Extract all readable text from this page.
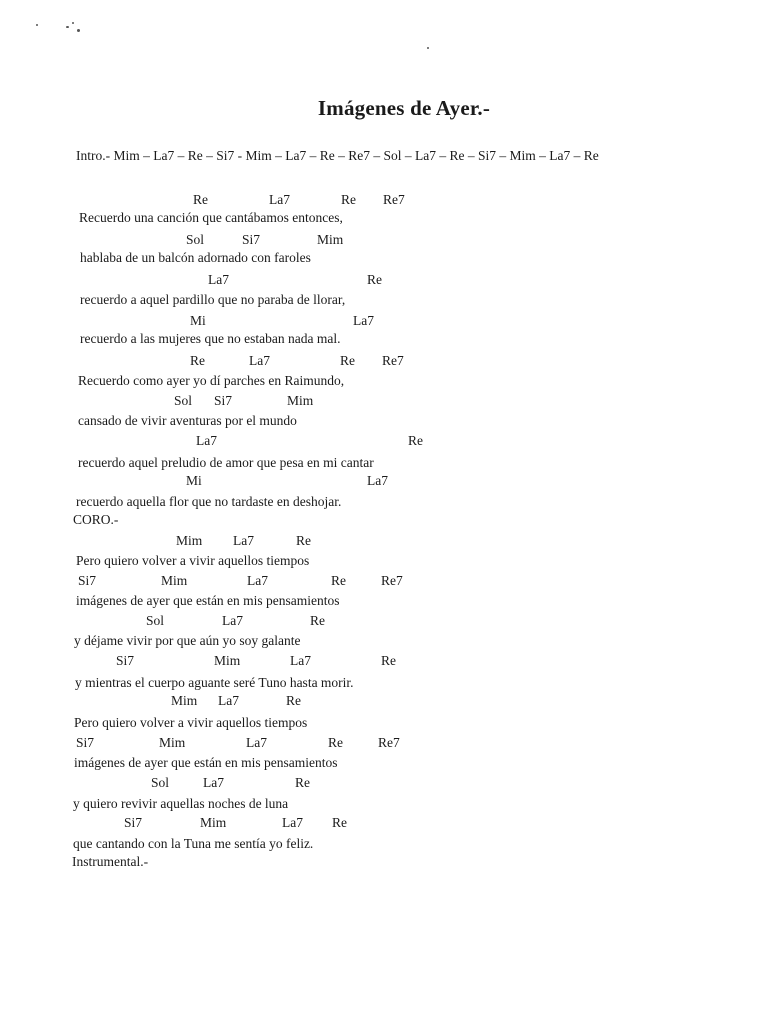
Imágenes de Ayer.-
Intro.- Mim – La7 – Re – Si7 - Mim – La7 – Re – Re7 – Sol – La7 – Re – Si7 – Mim – La7 – Re
Re	La7	Re Re7
Recuerdo una canción que cantábamos entonces,
Sol	Si7	Mim
hablaba de un balcón adornado con faroles
La7	Re
recuerdo a aquel pardillo que no paraba de llorar,
Mi	La7
recuerdo a las mujeres que no estaban nada mal.
Re	La7	Re Re7
Recuerdo como ayer yo dí parches en Raimundo,
Sol Si7	Mim
cansado de vivir aventuras por el mundo
La7	Re
recuerdo aquel preludio de amor que pesa en mi cantar
Mi	La7
recuerdo aquella flor que no tardaste en deshojar.
CORO.-
Mim La7	Re
Pero quiero volver a vivir aquellos tiempos
Si7	Mim	La7	Re	Re7
imágenes de ayer que están en mis pensamientos
Sol	La7	Re
y déjame vivir por que aún yo soy galante
Si7	Mim	La7	Re
y mientras el cuerpo aguante seré Tuno hasta morir.
Mim La7	Re
Pero quiero volver a vivir aquellos tiempos
Si7	Mim	La7	Re	Re7
imágenes de ayer que están en mis pensamientos
Sol	La7	Re
y quiero revivir aquellas noches de luna
Si7	Mim	La7 Re
que cantando con la Tuna me sentía yo feliz.
Instrumental.-
